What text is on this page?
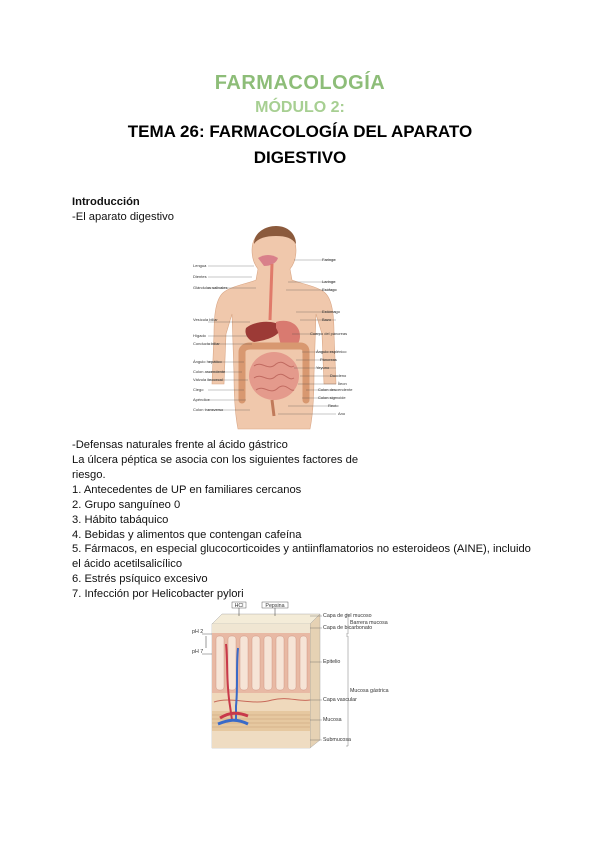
FARMACOLOGÍA
MÓDULO 2:
TEMA 26: FARMACOLOGÍA DEL APARATO
DIGESTIVO
Introducción
-El aparato digestivo
Lengua
Dientes
Glándulas salivales
Vesícula biliar
Hígado
Conducto biliar
Ángulo hepático
Colon ascendente
Válvula ileocecal
Ciego
Apéndice
Colon transverso
Faringe
Laringe
Esófago
Estómago
Bazo
Cuerpo del páncreas
Ángulo esplénico
Páncreas
Yeyuno
Duodeno
Íleon
Colon descendente
Colon sigmoide
Recto
Ano
-Defensas naturales frente al ácido gástrico
La úlcera péptica se asocia con los siguientes factores de
riesgo.
1. Antecedentes de UP en familiares cercanos
2. Grupo sanguíneo 0
3. Hábito tabáquico
4. Bebidas y alimentos que contengan cafeína
5. Fármacos, en especial glucocorticoides y antiinflamatorios no esteroideos (AINE), incluido
el ácido acetilsalicílico
6. Estrés psíquico excesivo
7. Infección por Helicobacter pylori
HCl	Pepsina
pH 2
pH 7
Capa de gel mucoso
Capa de bicarbonato
Epitelio
Capa vascular
Mucosa
Submucosa
Barrera mucosa
Mucosa gástrica
